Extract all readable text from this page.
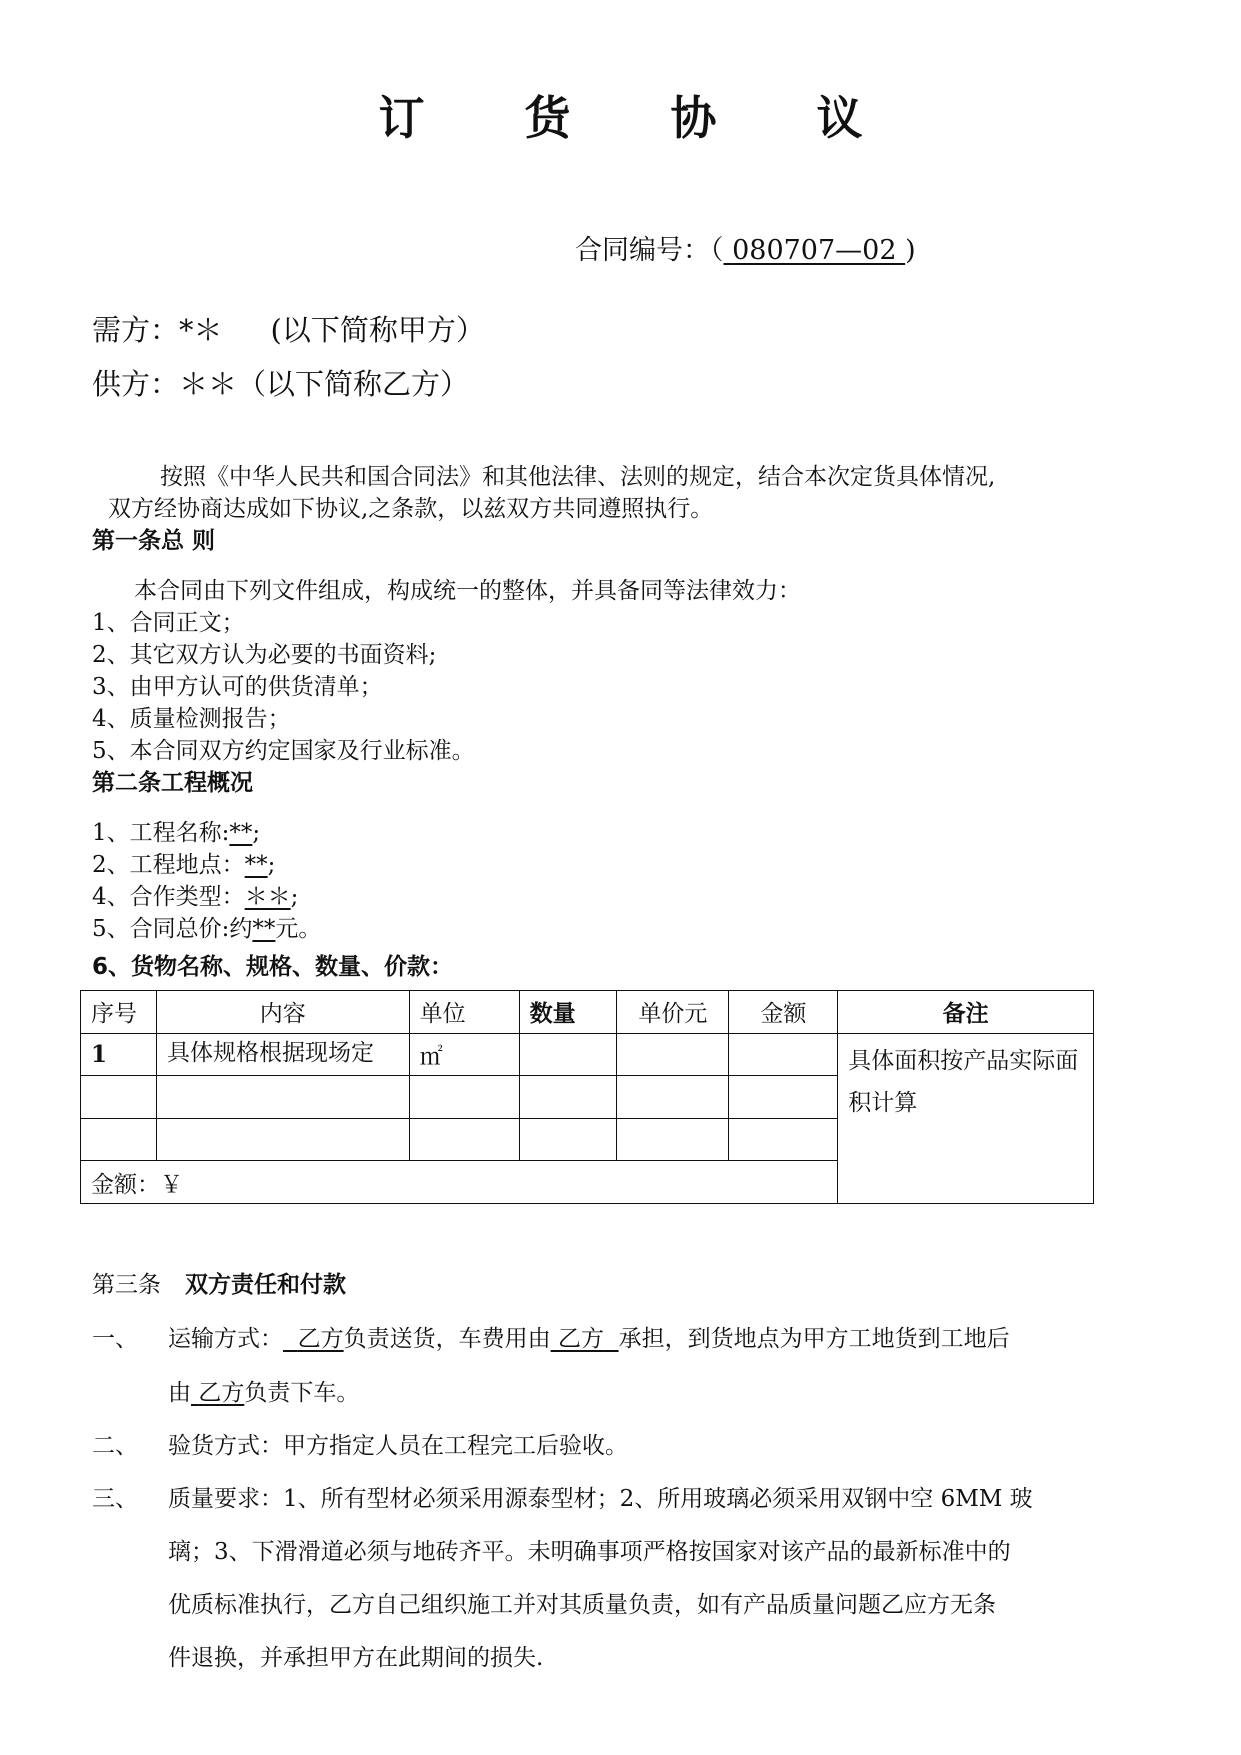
订 货 协 议
合同编号：（ 080707—02 )
需方：*＊ (以下简称甲方）
供方：＊＊（以下简称乙方）
按照《中华人民共和国合同法》和其他法律、法则的规定，结合本次定货具体情况,
双方经协商达成如下协议,之条款，以兹双方共同遵照执行。
第一条总 则
本合同由下列文件组成，构成统一的整体，并具备同等法律效力：
1、合同正文；
2、其它双方认为必要的书面资料;
3、由甲方认可的供货清单；
4、质量检测报告；
5、本合同双方约定国家及行业标准。
第二条工程概况
1、工程名称:**;
2、工程地点：**;
4、合作类型：＊＊;
5、合同总价:约**元。
6、货物名称、规格、数量、价款：
序号	内容	单位	数量	单价元	金额	备注
1	具体规格根据现场定	㎡				具体面积按产品实际面积计算

金额：￥						
第三条 双方责任和付款
一、 运输方式： 乙方负责送货，车费用由 乙方 承担，到货地点为甲方工地货到工地后
由 乙方负责下车。
二、 验货方式：甲方指定人员在工程完工后验收。
三、 质量要求：1、所有型材必须采用源泰型材；2、所用玻璃必须采用双钢中空 6MM 玻
璃；3、下滑滑道必须与地砖齐平。未明确事项严格按国家对该产品的最新标准中的
优质标准执行，乙方自己组织施工并对其质量负责，如有产品质量问题乙应方无条
件退换，并承担甲方在此期间的损失.
